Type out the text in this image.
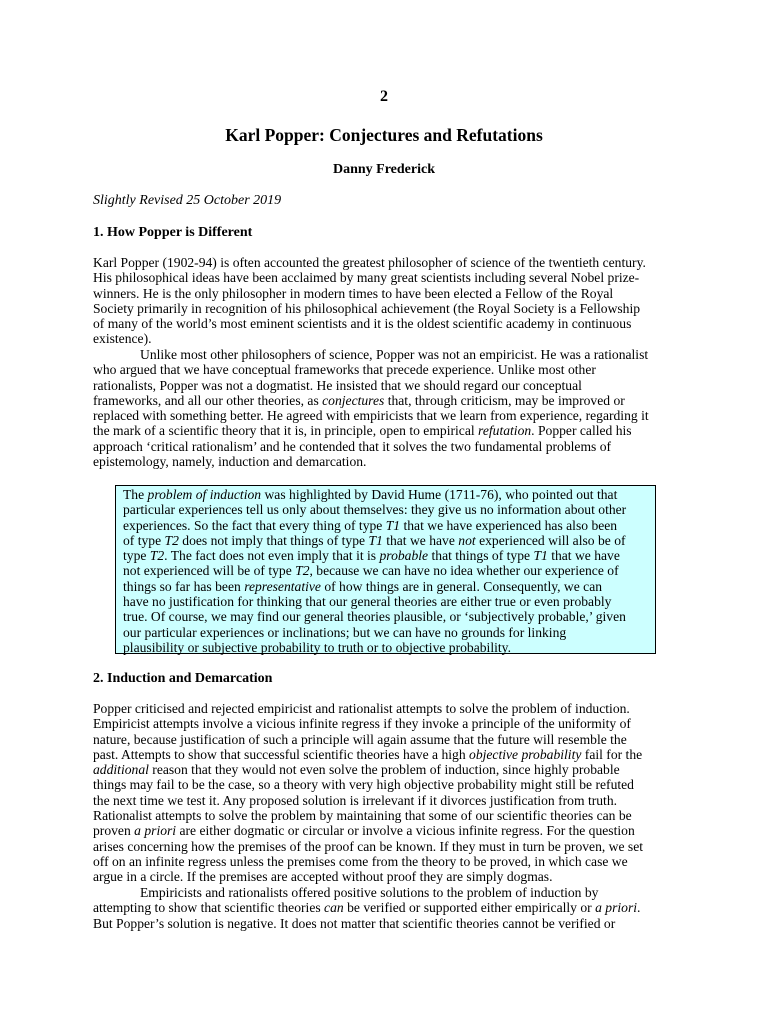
2
Karl Popper: Conjectures and Refutations
Danny Frederick
Slightly Revised 25 October 2019
1. How Popper is Different
Karl Popper (1902-94) is often accounted the greatest philosopher of science of the twentieth century.
His philosophical ideas have been acclaimed by many great scientists including several Nobel prize-
winners. He is the only philosopher in modern times to have been elected a Fellow of the Royal
Society primarily in recognition of his philosophical achievement (the Royal Society is a Fellowship
of many of the world’s most eminent scientists and it is the oldest scientific academy in continuous
existence).
Unlike most other philosophers of science, Popper was not an empiricist. He was a rationalist
who argued that we have conceptual frameworks that precede experience. Unlike most other
rationalists, Popper was not a dogmatist. He insisted that we should regard our conceptual
frameworks, and all our other theories, as conjectures that, through criticism, may be improved or
replaced with something better. He agreed with empiricists that we learn from experience, regarding it
the mark of a scientific theory that it is, in principle, open to empirical refutation. Popper called his
approach ‘critical rationalism’ and he contended that it solves the two fundamental problems of
epistemology, namely, induction and demarcation.
The problem of induction was highlighted by David Hume (1711-76), who pointed out that
particular experiences tell us only about themselves: they give us no information about other
experiences. So the fact that every thing of type T1 that we have experienced has also been
of type T2 does not imply that things of type T1 that we have not experienced will also be of
type T2. The fact does not even imply that it is probable that things of type T1 that we have
not experienced will be of type T2, because we can have no idea whether our experience of
things so far has been representative of how things are in general. Consequently, we can
have no justification for thinking that our general theories are either true or even probably
true. Of course, we may find our general theories plausible, or ‘subjectively probable,’ given
our particular experiences or inclinations; but we can have no grounds for linking
plausibility or subjective probability to truth or to objective probability.
2. Induction and Demarcation
Popper criticised and rejected empiricist and rationalist attempts to solve the problem of induction.
Empiricist attempts involve a vicious infinite regress if they invoke a principle of the uniformity of
nature, because justification of such a principle will again assume that the future will resemble the
past. Attempts to show that successful scientific theories have a high objective probability fail for the
additional reason that they would not even solve the problem of induction, since highly probable
things may fail to be the case, so a theory with very high objective probability might still be refuted
the next time we test it. Any proposed solution is irrelevant if it divorces justification from truth.
Rationalist attempts to solve the problem by maintaining that some of our scientific theories can be
proven a priori are either dogmatic or circular or involve a vicious infinite regress. For the question
arises concerning how the premises of the proof can be known. If they must in turn be proven, we set
off on an infinite regress unless the premises come from the theory to be proved, in which case we
argue in a circle. If the premises are accepted without proof they are simply dogmas.
Empiricists and rationalists offered positive solutions to the problem of induction by
attempting to show that scientific theories can be verified or supported either empirically or a priori.
But Popper’s solution is negative. It does not matter that scientific theories cannot be verified or
